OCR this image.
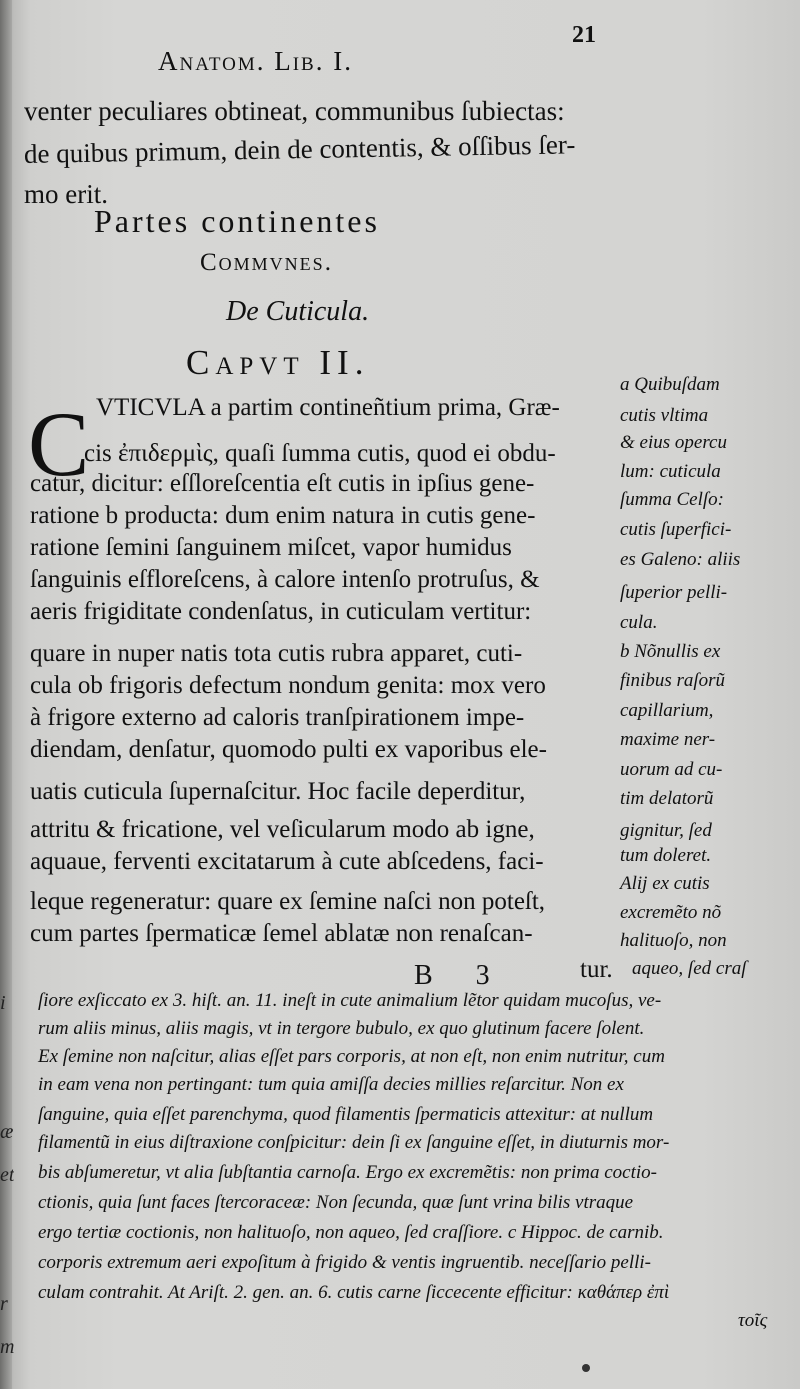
i
æ
et
r
m
Anatom. Lib. I.
21
venter peculiares obtineat, communibus ſubiectas:
de quibus primum, dein de contentis, & oſſibus ſer-
mo erit.
Partes continentes
Commvnes.
De Cuticula.
Capvt II.
C VTICVLA a partim contineñtium prima, Græ-
cis ἐπιδερμὶς, quaſi ſumma cutis, quod ei obdu-
catur, dicitur: eſſloreſcentia eſt cutis in ipſius gene-
ratione b producta: dum enim natura in cutis gene-
ratione ſemini ſanguinem miſcet, vapor humidus
ſanguinis eſfloreſcens, à calore intenſo protruſus, &
aeris frigiditate condenſatus, in cuticulam vertitur:
quare in nuper natis tota cutis rubra apparet, cuti-
cula ob frigoris defectum nondum genita: mox vero
à frigore externo ad caloris tranſpirationem impe-
diendam, denſatur, quomodo pulti ex vaporibus ele-
uatis cuticula ſupernaſcitur. Hoc facile deperditur,
attritu & fricatione, vel veſicularum modo ab igne,
aquaue, ferventi excitatarum à cute abſcedens, faci-
leque regeneratur: quare ex ſemine naſci non poteſt,
cum partes ſpermaticæ ſemel ablatæ non renaſcan-
tur.
B 3
a Quibuſdam
cutis vltima
& eius opercu
lum: cuticula
ſumma Celſo:
cutis ſuperfici-
es Galeno: aliis
ſuperior pelli-
cula.
b Nõnullis ex
finibus raſorũ
capillarium,
maxime ner-
uorum ad cu-
tim delatorũ
gignitur, ſed
tum doleret.
Alij ex cutis
excremẽto nõ
halituoſo, non
aqueo, ſed craſ
ſiore exſiccato ex 3. hiſt. an. 11. ineſt in cute animalium lẽtor quidam mucoſus, ve-
rum aliis minus, aliis magis, vt in tergore bubulo, ex quo glutinum facere ſolent.
Ex ſemine non naſcitur, alias eſſet pars corporis, at non eſt, non enim nutritur, cum
in eam vena non pertingant: tum quia amiſſa decies millies reſarcitur. Non ex
ſanguine, quia eſſet parenchyma, quod filamentis ſpermaticis attexitur: at nullum
filamentũ in eius diſtraxione conſpicitur: dein ſi ex ſanguine eſſet, in diuturnis mor-
bis abſumeretur, vt alia ſubſtantia carnoſa. Ergo ex excremẽtis: non prima coctio-
ctionis, quia ſunt faces ſtercoraceæ: Non ſecunda, quæ ſunt vrina bilis vtraque
ergo tertiæ coctionis, non halituoſo, non aqueo, ſed craſſiore. c Hippoc. de carnib.
corporis extremum aeri expoſitum à frigido & ventis ingruentib. neceſſario pelli-
culam contrahit. At Ariſt. 2. gen. an. 6. cutis carne ſiccecente efficitur: καθάπερ ἐπὶ
τοῖς
